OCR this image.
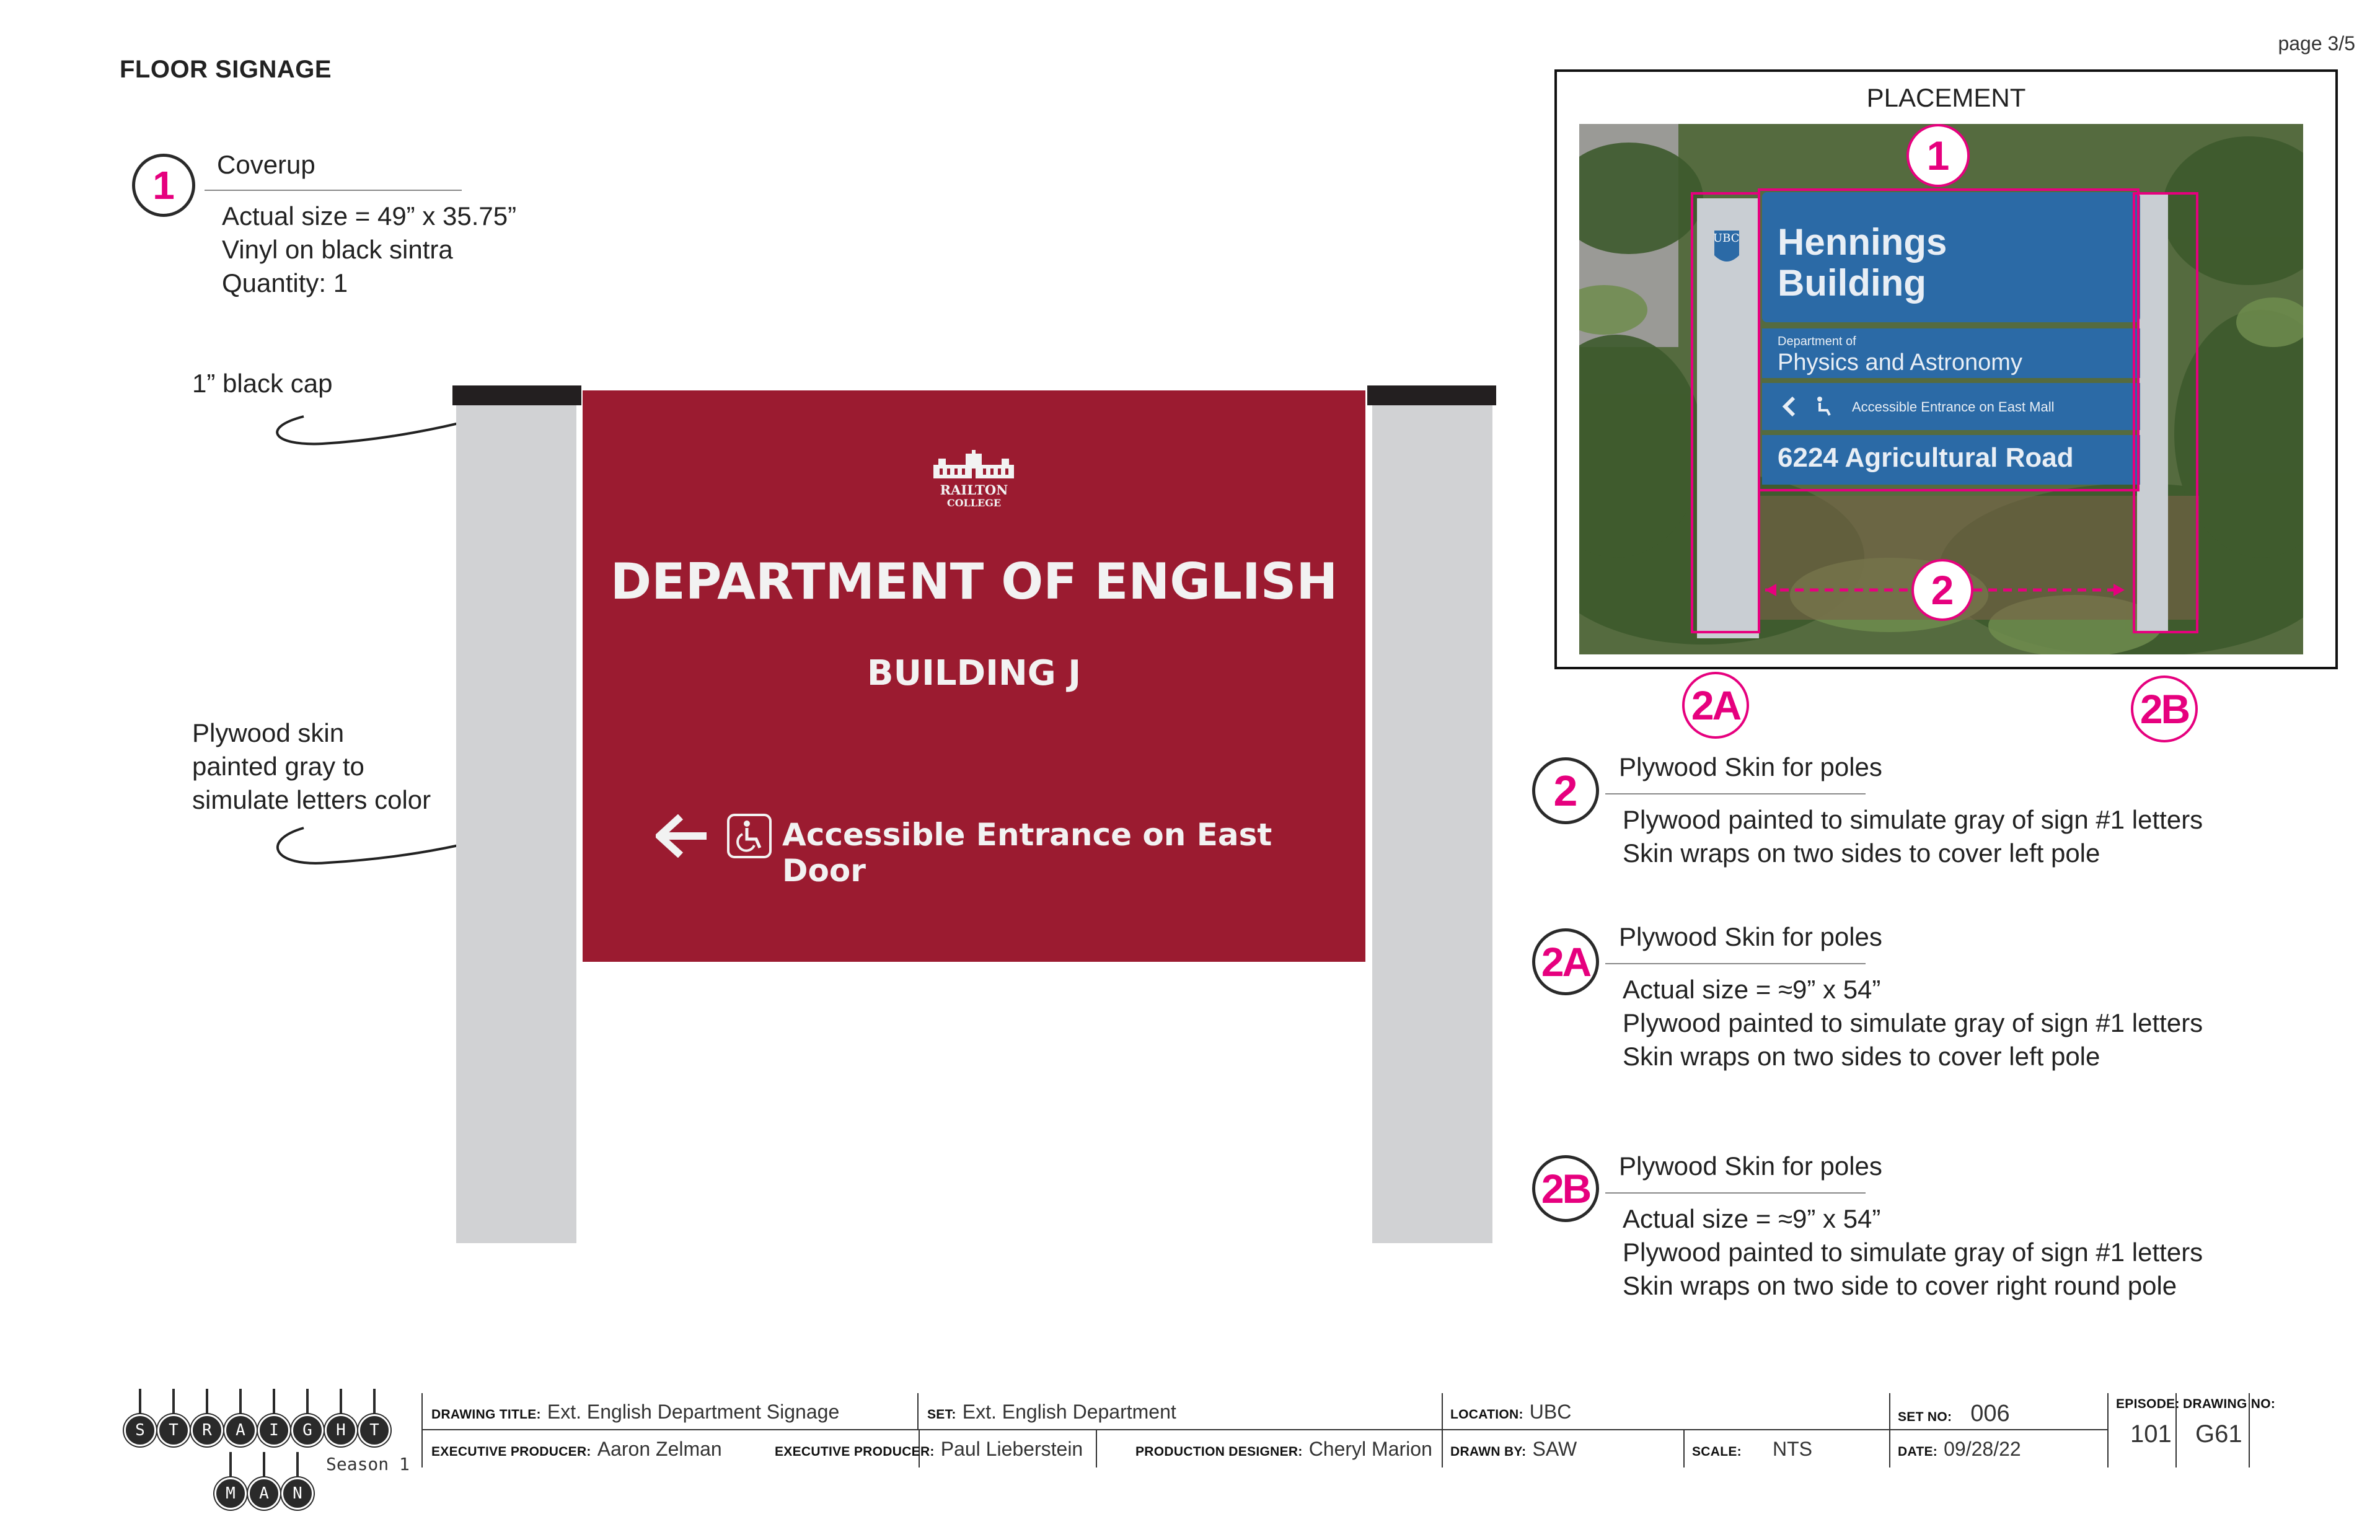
FLOOR SIGNAGE
page 3/5
1 Coverup
Actual size = 49” x 35.75”
Vinyl on black sintra
Quantity: 1
1” black cap
Plywood skin
painted gray to
simulate letters color
RAILTON
COLLEGE
DEPARTMENT OF ENGLISH
BUILDING J
Accessible Entrance on East Door
PLACEMENT
UBC Hennings
Building
Department of
Physics and Astronomy
Accessible Entrance on East Mall
6224 Agricultural Road
1
2
2A	2B
2 Plywood Skin for poles
Plywood painted to simulate gray of sign #1 letters
Skin wraps on two sides to cover left pole
2A
Plywood Skin for poles
Actual size = ≈9” x 54”
Plywood painted to simulate gray of sign #1 letters
Skin wraps on two sides to cover left pole
2B Plywood Skin for poles
Actual size = ≈9” x 54”
Plywood painted to simulate gray of sign #1 letters
Skin wraps on two side to cover right round pole
S	T	R	A	I	G	H	T
M	A	N
Season 1
DRAWING TITLE: Ext. English Department Signage	SET: Ext. English Department	LOCATION: UBC	SET NO: 006	EPISODE:
101
DRAWING NO:
G61
EXECUTIVE PRODUCER: Aaron Zelman	EXECUTIVE PRODUCER: Paul Lieberstein	PRODUCTION DESIGNER: Cheryl Marion DRAWN BY: SAW	SCALE: NTS	DATE: 09/28/22
